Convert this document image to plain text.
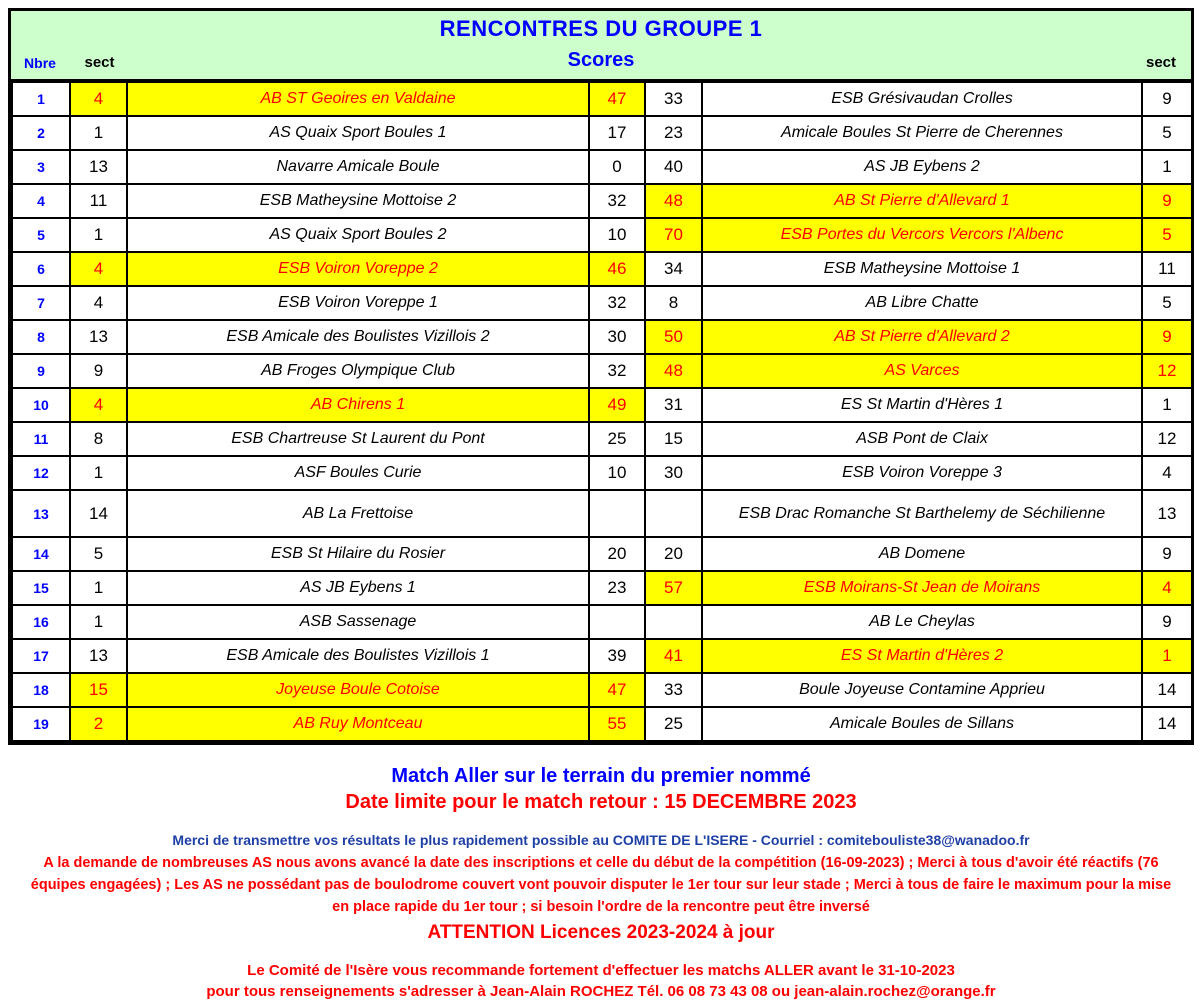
RENCONTRES DU GROUPE 1
Nbre	sect	Scores	sect
1	4	AB ST Geoires en Valdaine	47	33	ESB Grésivaudan Crolles	9
2	1	AS Quaix Sport Boules 1	17	23	Amicale Boules St Pierre de Cherennes	5
3	13	Navarre Amicale Boule	0	40	AS JB Eybens 2	1
4	11	ESB Matheysine Mottoise 2	32	48	AB St Pierre d'Allevard 1	9
5	1	AS Quaix Sport Boules 2	10	70	ESB Portes du Vercors Vercors l'Albenc	5
6	4	ESB Voiron Voreppe 2	46	34	ESB Matheysine Mottoise 1	11
7	4	ESB Voiron Voreppe 1	32	8	AB Libre Chatte	5
8	13	ESB Amicale des Boulistes Vizillois 2	30	50	AB St Pierre d'Allevard 2	9
9	9	AB Froges Olympique Club	32	48	AS Varces	12
10	4	AB Chirens 1	49	31	ES St Martin d'Hères 1	1
11	8	ESB Chartreuse St Laurent du Pont	25	15	ASB Pont de Claix	12
12	1	ASF Boules Curie	10	30	ESB Voiron Voreppe 3	4
13	14	AB La Frettoise			ESB Drac Romanche St Barthelemy de Séchilienne	13
14	5	ESB St Hilaire du Rosier	20	20	AB Domene	9
15	1	AS JB Eybens 1	23	57	ESB Moirans-St Jean de Moirans	4
16	1	ASB Sassenage			AB Le Cheylas	9
17	13	ESB Amicale des Boulistes Vizillois 1	39	41	ES St Martin d'Hères 2	1
18	15	Joyeuse Boule Cotoise	47	33	Boule Joyeuse Contamine Apprieu	14
19	2	AB Ruy Montceau	55	25	Amicale Boules de Sillans	14
Match Aller sur le terrain du premier nommé
Date limite pour le match retour : 15 DECEMBRE 2023
Merci de transmettre vos résultats le plus rapidement possible au COMITE DE L'ISERE - Courriel : comitebouliste38@wanadoo.fr
A la demande de nombreuses AS nous avons avancé la date des inscriptions et celle du début de la compétition (16-09-2023) ; Merci à tous d'avoir été réactifs (76 équipes engagées) ; Les AS ne possédant pas de boulodrome couvert vont pouvoir disputer le 1er tour sur leur stade ; Merci à tous de faire le maximum pour la mise en place rapide du 1er tour ; si besoin l'ordre de la rencontre peut être inversé
ATTENTION Licences 2023-2024 à jour
Le Comité de l'Isère vous recommande fortement d'effectuer les matchs ALLER avant le 31-10-2023
pour tous renseignements s'adresser à Jean-Alain ROCHEZ Tél. 06 08 73 43 08 ou jean-alain.rochez@orange.fr
